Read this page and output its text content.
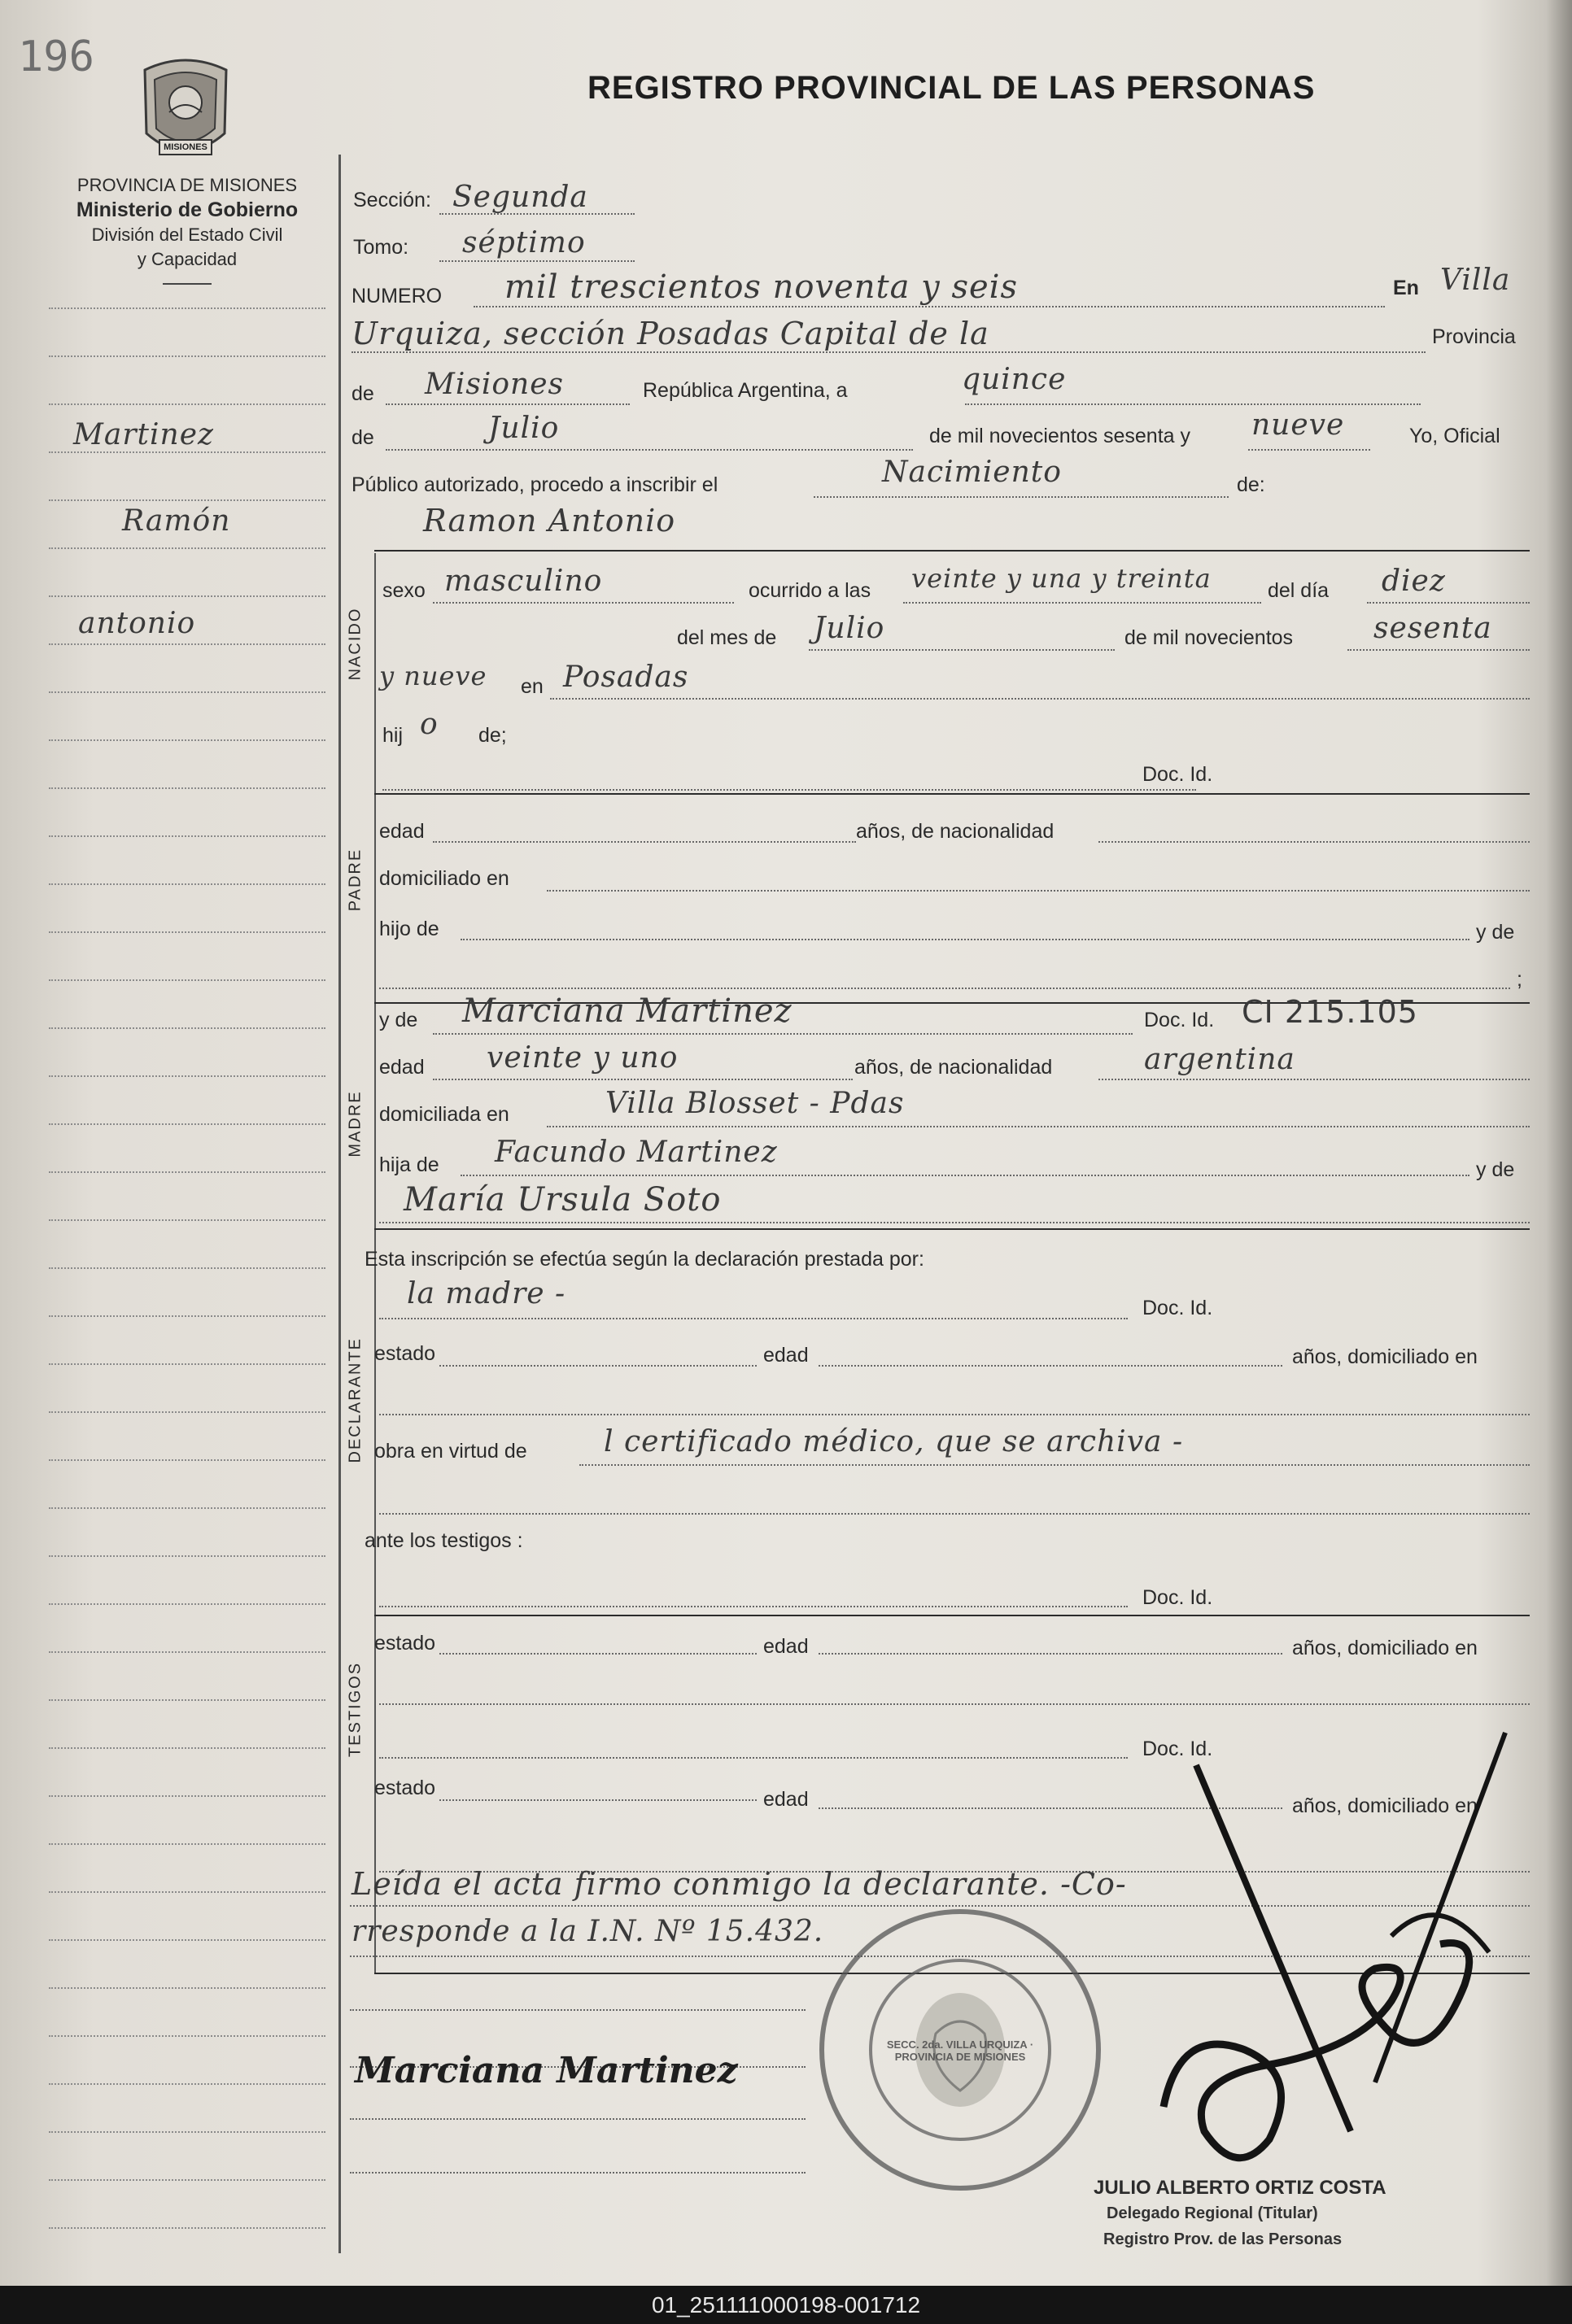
196
MISIONES
PROVINCIA DE MISIONES
Ministerio de Gobierno
División del Estado Civil
y Capacidad
REGISTRO PROVINCIAL DE LAS PERSONAS
Martinez
Ramón
antonio	NACIDO
PADRE
MADRE
DECLARANTE
TESTIGOS
Sección: Segunda
Tomo: séptimo
NUMERO mil trescientos noventa y seis	En Villa
Urquiza, sección Posadas Capital de la	Provincia
de Misiones	República Argentina, a	quince
de	Julio	de mil novecientos sesenta y nueve	Yo, Oficial
Público autorizado, procedo a inscribir el	Nacimiento	de:
Ramon Antonio
sexo masculino	ocurrido a las veinte y una y treinta	del día diez
del mes de Julio	de mil novecientos	sesenta
y nueve en Posadas
hij o de;
Doc. Id.
edad	años, de nacionalidad
domiciliado en
hijo de	y de
;
y de Marciana Martinez	Doc. Id. CI 215.105
edad veinte y uno	años, de nacionalidad	argentina
domiciliada en	Villa Blosset - Pdas
hija de Facundo Martinez
y de
María Ursula Soto
Esta inscripción se efectúa según la declaración prestada por:
la madre -	Doc. Id.
estado	edad	años, domiciliado en
obra en virtud de	l certificado médico, que se archiva -
ante los testigos :
Doc. Id.
estado	edad	años, domiciliado en
Doc. Id.
estado	edad	años, domiciliado en
Leída el acta firmo conmigo la declarante. -Co-
rresponde a la I.N. Nº 15.432.
Marciana Martinez
SECC. 2da. VILLA URQUIZA · PROVINCIA DE MISIONES
JULIO ALBERTO ORTIZ COSTA
Delegado Regional (Titular)
Registro Prov. de las Personas
01_251111000198-001712
